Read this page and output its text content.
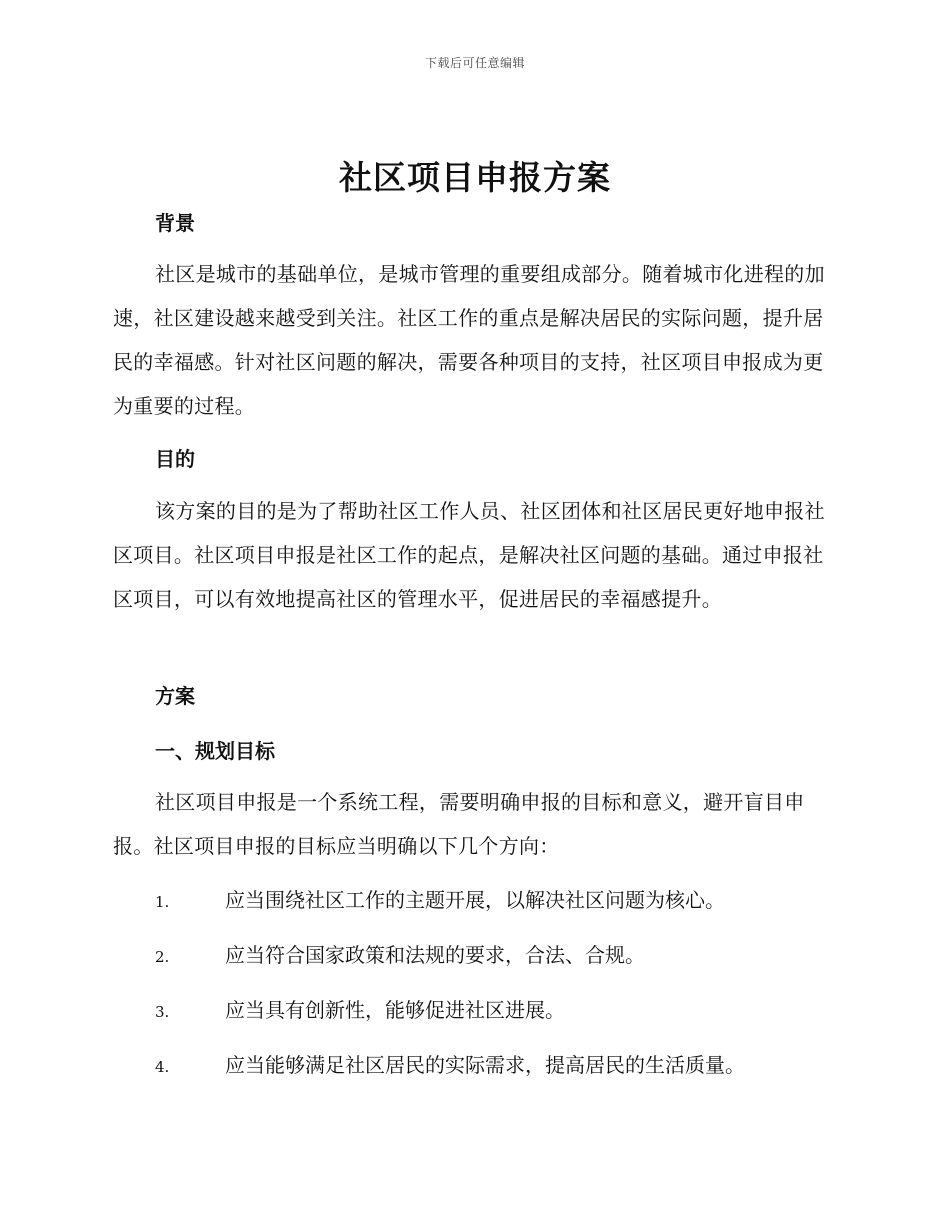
下载后可任意编辑
社区项目申报方案
背景

社区是城市的基础单位，是城市管理的重要组成部分。随着城市化进程的加速，社区建设越来越受到关注。社区工作的重点是解决居民的实际问题，提升居民的幸福感。针对社区问题的解决，需要各种项目的支持，社区项目申报成为更为重要的过程。

目的

该方案的目的是为了帮助社区工作人员、社区团体和社区居民更好地申报社区项目。社区项目申报是社区工作的起点，是解决社区问题的基础。通过申报社区项目，可以有效地提高社区的管理水平，促进居民的幸福感提升。

方案
一、规划目标

社区项目申报是一个系统工程，需要明确申报的目标和意义，避开盲目申报。社区项目申报的目标应当明确以下几个方向：

1.	应当围绕社区工作的主题开展，以解决社区问题为核心。
2.	应当符合国家政策和法规的要求，合法、合规。
3.	应当具有创新性，能够促进社区进展。
4.	应当能够满足社区居民的实际需求，提高居民的生活质量。
